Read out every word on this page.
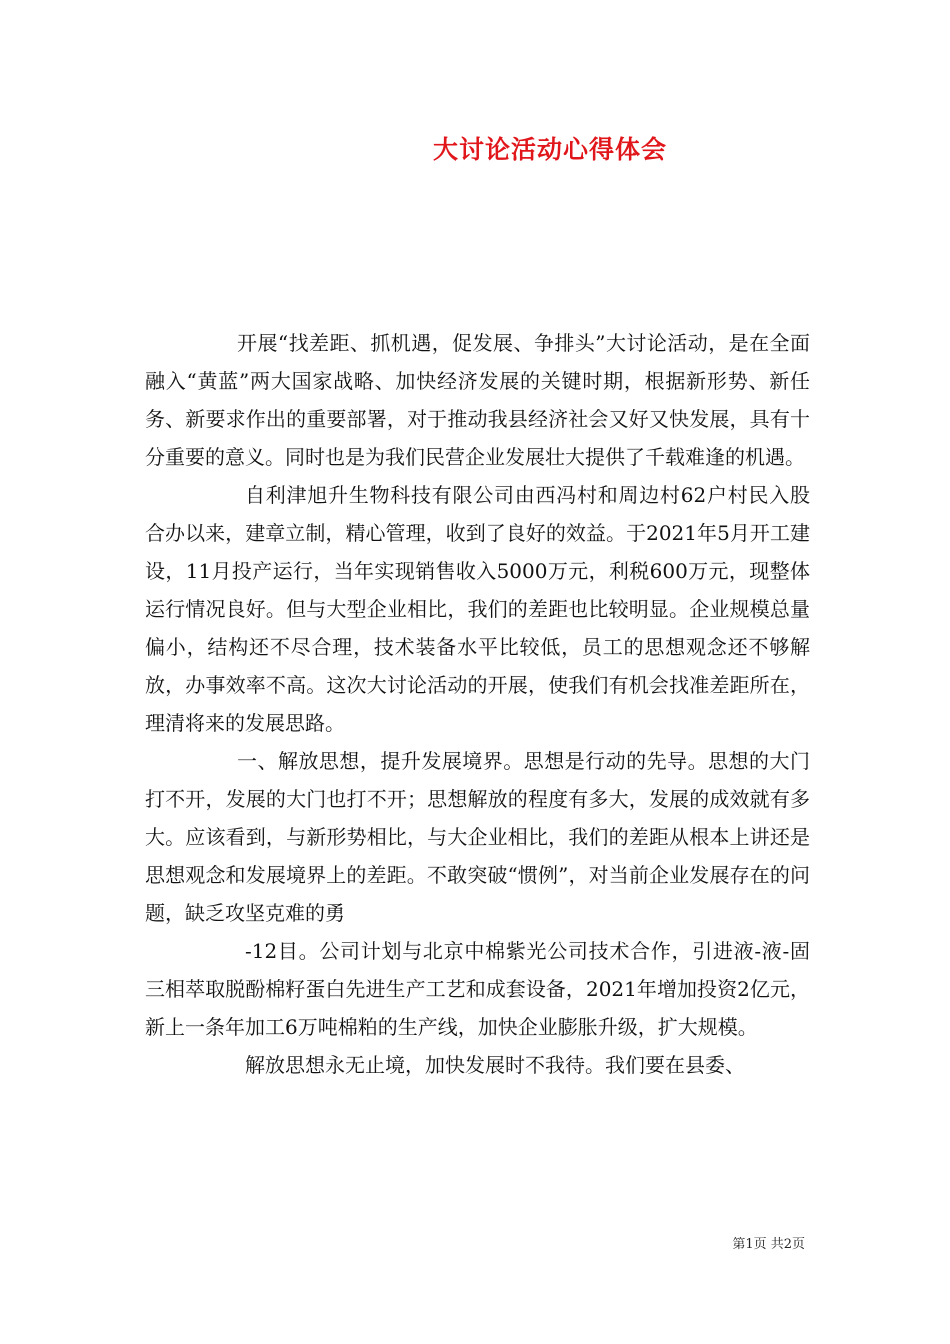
大讨论活动心得体会

开展“找差距、抓机遇，促发展、争排头”大讨论活动，是在全面融入“黄蓝”两大国家战略、加快经济发展的关键时期，根据新形势、新任务、新要求作出的重要部署，对于推动我县经济社会又好又快发展，具有十分重要的意义。同时也是为我们民营企业发展壮大提供了千载难逢的机遇。

自利津旭升生物科技有限公司由西冯村和周边村62户村民入股合办以来，建章立制，精心管理，收到了良好的效益。于2021年5月开工建设，11月投产运行，当年实现销售收入5000万元，利税600万元，现整体运行情况良好。但与大型企业相比，我们的差距也比较明显。企业规模总量偏小，结构还不尽合理，技术装备水平比较低，员工的思想观念还不够解放，办事效率不高。这次大讨论活动的开展，使我们有机会找准差距所在，理清将来的发展思路。

一、解放思想，提升发展境界。思想是行动的先导。思想的大门打不开，发展的大门也打不开；思想解放的程度有多大，发展的成效就有多大。应该看到，与新形势相比，与大企业相比，我们的差距从根本上讲还是思想观念和发展境界上的差距。不敢突破“惯例”，对当前企业发展存在的问题，缺乏攻坚克难的勇

-12目。公司计划与北京中棉紫光公司技术合作，引进液-液-固三相萃取脱酚棉籽蛋白先进生产工艺和成套设备，2021年增加投资2亿元，新上一条年加工6万吨棉粕的生产线，加快企业膨胀升级，扩大规模。

解放思想永无止境，加快发展时不我待。我们要在县委、

第1页 共2页
